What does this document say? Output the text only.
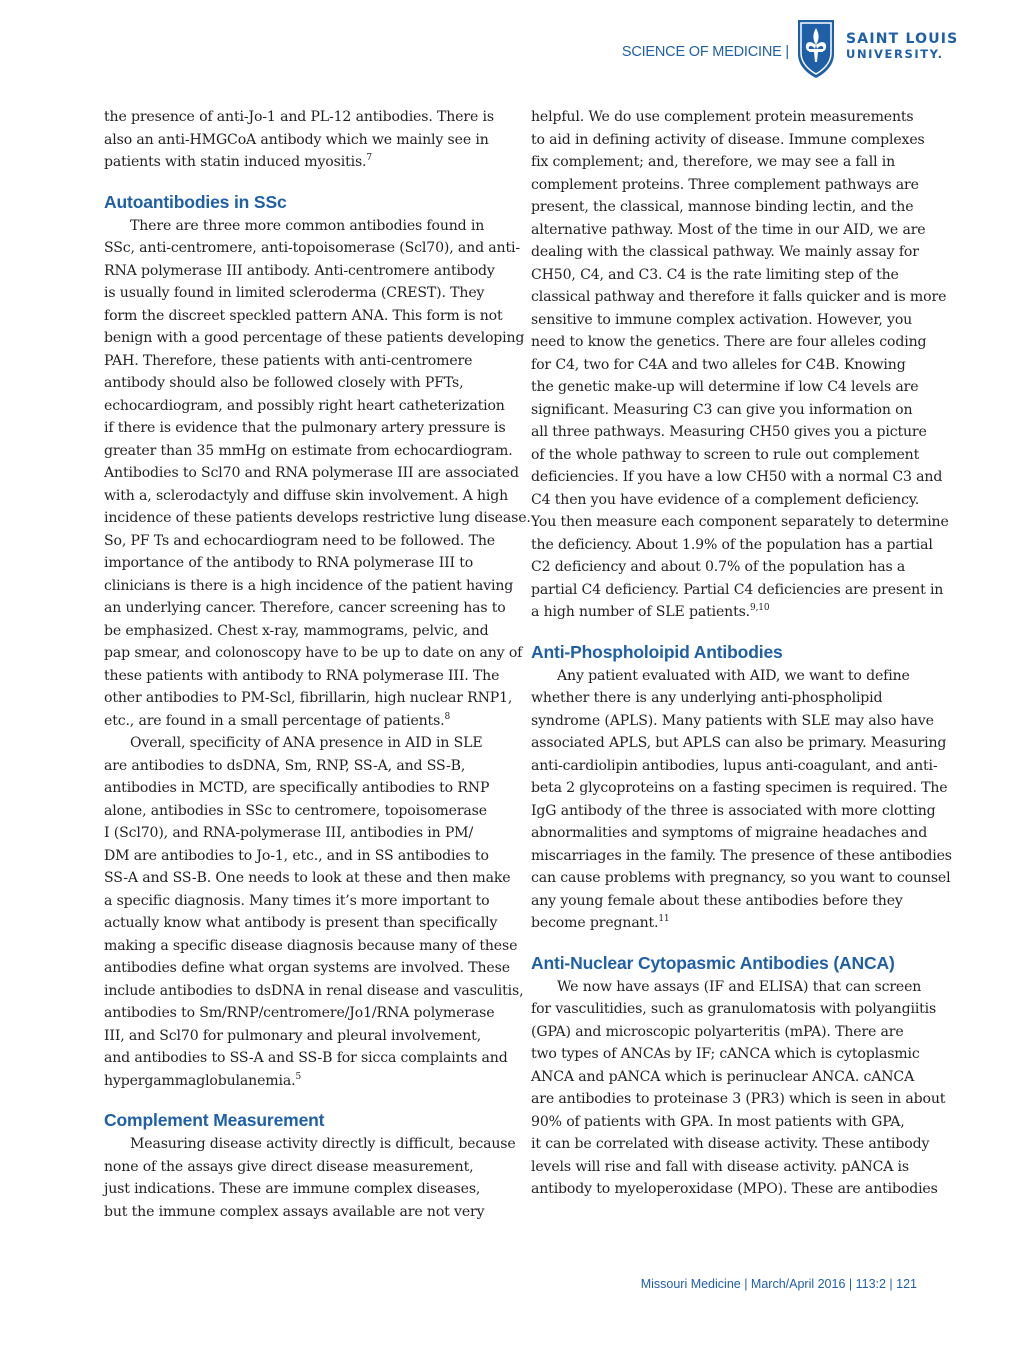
SCIENCE OF MEDICINE |
SAINT LOUIS
UNIVERSITY.

the presence of anti-Jo-1 and PL-12 antibodies. There is

also an anti-HMGCoA antibody which we mainly see in

patients with statin induced myositis.$^7$

Autoantibodies in SSc

There are three more common antibodies found in

SSc, anti-centromere, anti-topoisomerase (Scl70), and anti-

RNA polymerase III antibody. Anti-centromere antibody

is usually found in limited scleroderma (CREST). They

form the discreet speckled pattern ANA. This form is not

benign with a good percentage of these patients developing

PAH. Therefore, these patients with anti-centromere

antibody should also be followed closely with PFTs,

echocardiogram, and possibly right heart catheterization

if there is evidence that the pulmonary artery pressure is

greater than 35 mmHg on estimate from echocardiogram.

Antibodies to Scl70 and RNA polymerase III are associated

with a, sclerodactyly and diffuse skin involvement. A high

incidence of these patients develops restrictive lung disease.

So, PF Ts and echocardiogram need to be followed. The

importance of the antibody to RNA polymerase III to

clinicians is there is a high incidence of the patient having

an underlying cancer. Therefore, cancer screening has to

be emphasized. Chest x-ray, mammograms, pelvic, and

pap smear, and colonoscopy have to be up to date on any of

these patients with antibody to RNA polymerase III. The

other antibodies to PM-Scl, fibrillarin, high nuclear RNP1,

etc., are found in a small percentage of patients.$^8$

Overall, specificity of ANA presence in AID in SLE

are antibodies to dsDNA, Sm, RNP, SS-A, and SS-B,

antibodies in MCTD, are specifically antibodies to RNP

alone, antibodies in SSc to centromere, topoisomerase

I (Scl70), and RNA-polymerase III, antibodies in PM/

DM are antibodies to Jo-1, etc., and in SS antibodies to

SS-A and SS-B. One needs to look at these and then make

a specific diagnosis. Many times it’s more important to

actually know what antibody is present than specifically

making a specific disease diagnosis because many of these

antibodies define what organ systems are involved. These

include antibodies to dsDNA in renal disease and vasculitis,

antibodies to Sm/RNP/centromere/Jo1/RNA polymerase

III, and Scl70 for pulmonary and pleural involvement,

and antibodies to SS-A and SS-B for sicca complaints and

hypergammaglobulanemia.$^5$

Complement Measurement

Measuring disease activity directly is difficult, because

none of the assays give direct disease measurement,

just indications. These are immune complex diseases,

but the immune complex assays available are not very

helpful. We do use complement protein measurements

to aid in defining activity of disease. Immune complexes

fix complement; and, therefore, we may see a fall in

complement proteins. Three complement pathways are

present, the classical, mannose binding lectin, and the

alternative pathway. Most of the time in our AID, we are

dealing with the classical pathway. We mainly assay for

CH50, C4, and C3. C4 is the rate limiting step of the

classical pathway and therefore it falls quicker and is more

sensitive to immune complex activation. However, you

need to know the genetics. There are four alleles coding

for C4, two for C4A and two alleles for C4B. Knowing

the genetic make-up will determine if low C4 levels are

significant. Measuring C3 can give you information on

all three pathways. Measuring CH50 gives you a picture

of the whole pathway to screen to rule out complement

deficiencies. If you have a low CH50 with a normal C3 and

C4 then you have evidence of a complement deficiency.

You then measure each component separately to determine

the deficiency. About 1.9% of the population has a partial

C2 deficiency and about 0.7% of the population has a

partial C4 deficiency. Partial C4 deficiencies are present in

a high number of SLE patients.$^{9,10}$

Anti-Phospholoipid Antibodies

Any patient evaluated with AID, we want to define

whether there is any underlying anti-phospholipid

syndrome (APLS). Many patients with SLE may also have

associated APLS, but APLS can also be primary. Measuring

anti-cardiolipin antibodies, lupus anti-coagulant, and anti-

beta 2 glycoproteins on a fasting specimen is required. The

IgG antibody of the three is associated with more clotting

abnormalities and symptoms of migraine headaches and

miscarriages in the family. The presence of these antibodies

can cause problems with pregnancy, so you want to counsel

any young female about these antibodies before they

become pregnant.$^{11}$

Anti-Nuclear Cytopasmic Antibodies (ANCA)

We now have assays (IF and ELISA) that can screen

for vasculitidies, such as granulomatosis with polyangiitis

(GPA) and microscopic polyarteritis (mPA). There are

two types of ANCAs by IF; cANCA which is cytoplasmic

ANCA and pANCA which is perinuclear ANCA. cANCA

are antibodies to proteinase 3 (PR3) which is seen in about

90% of patients with GPA. In most patients with GPA,

it can be correlated with disease activity. These antibody

levels will rise and fall with disease activity. pANCA is

antibody to myeloperoxidase (MPO). These are antibodies

Missouri Medicine | March/April 2016 | 113:2 | 121
